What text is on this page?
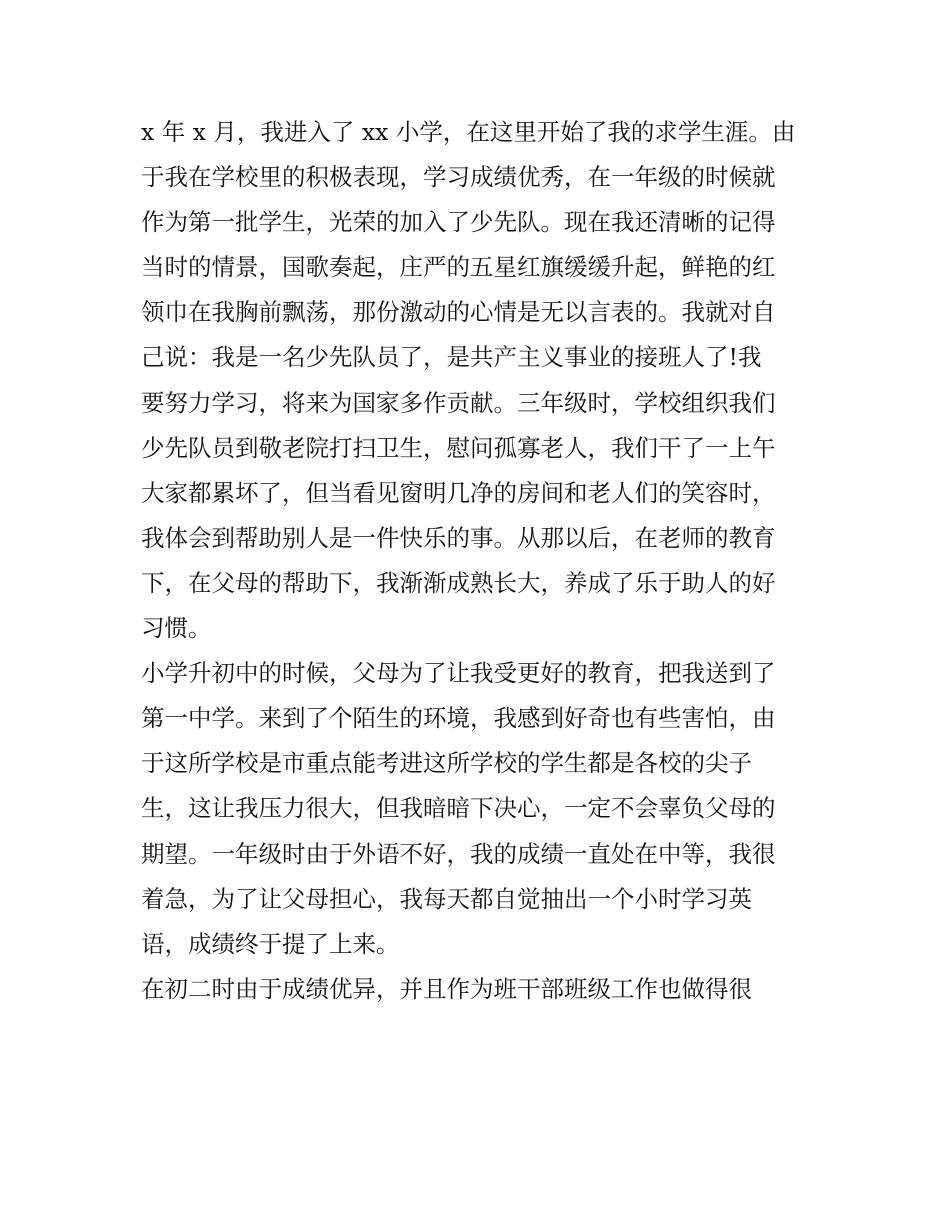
x 年 x 月，我进入了 xx 小学，在这里开始了我的求学生涯。由
于我在学校里的积极表现，学习成绩优秀，在一年级的时候就
作为第一批学生，光荣的加入了少先队。现在我还清晰的记得
当时的情景，国歌奏起，庄严的五星红旗缓缓升起，鲜艳的红
领巾在我胸前飘荡，那份激动的心情是无以言表的。我就对自
己说：我是一名少先队员了，是共产主义事业的接班人了!我
要努力学习，将来为国家多作贡献。三年级时，学校组织我们
少先队员到敬老院打扫卫生，慰问孤寡老人，我们干了一上午
大家都累坏了，但当看见窗明几净的房间和老人们的笑容时，
我体会到帮助别人是一件快乐的事。从那以后，在老师的教育
下，在父母的帮助下，我渐渐成熟长大，养成了乐于助人的好
习惯。
小学升初中的时候，父母为了让我受更好的教育，把我送到了
第一中学。来到了个陌生的环境，我感到好奇也有些害怕，由
于这所学校是市重点能考进这所学校的学生都是各校的尖子
生，这让我压力很大，但我暗暗下决心，一定不会辜负父母的
期望。一年级时由于外语不好，我的成绩一直处在中等，我很
着急，为了让父母担心，我每天都自觉抽出一个小时学习英
语，成绩终于提了上来。
在初二时由于成绩优异，并且作为班干部班级工作也做得很
